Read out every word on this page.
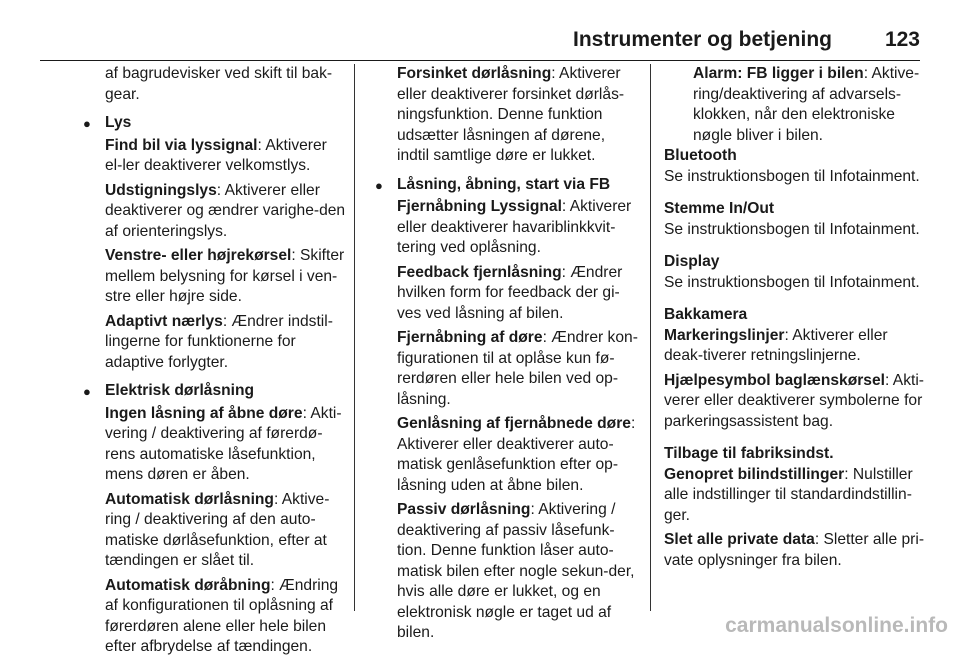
Instrumenter og betjening	123

af bagrudevisker ved skift til bak-gear.

● Lys

Find bil via lyssignal: Aktiverer el-ler deaktiverer velkomstlys.

Udstigningslys: Aktiverer eller deaktiverer og ændrer varighe-den af orienteringslys.

Venstre- eller højrekørsel: Skifter mellem belysning for kørsel i ven-stre eller højre side.

Adaptivt nærlys: Ændrer indstil-lingerne for funktionerne for adaptive forlygter.

● Elektrisk dørlåsning

Ingen låsning af åbne døre: Akti-vering / deaktivering af førerdø-rens automatiske låsefunktion, mens døren er åben.

Automatisk dørlåsning: Aktive-ring / deaktivering af den auto-matiske dørlåsefunktion, efter at tændingen er slået til.

Automatisk døråbning: Ændring af konfigurationen til oplåsning af førerdøren alene eller hele bilen efter afbrydelse af tændingen.

Forsinket dørlåsning: Aktiverer eller deaktiverer forsinket dørlås-ningsfunktion. Denne funktion udsætter låsningen af dørene, indtil samtlige døre er lukket.

● Låsning, åbning, start via FB

Fjernåbning Lyssignal: Aktiverer eller deaktiverer havariblinkkvit-tering ved oplåsning.

Feedback fjernlåsning: Ændrer hvilken form for feedback der gi-ves ved låsning af bilen.

Fjernåbning af døre: Ændrer kon-figurationen til at oplåse kun fø-rerdøren eller hele bilen ved op-låsning.

Genlåsning af fjernåbnede døre: Aktiverer eller deaktiverer auto-matisk genlåsefunktion efter op-låsning uden at åbne bilen.

Passiv dørlåsning: Aktivering / deaktivering af passiv låsefunk-tion. Denne funktion låser auto-matisk bilen efter nogle sekun-der, hvis alle døre er lukket, og en elektronisk nøgle er taget ud af bilen.

Alarm: FB ligger i bilen: Aktive-ring/deaktivering af advarsels-klokken, når den elektroniske nøgle bliver i bilen.

Bluetooth

Se instruktionsbogen til Infotainment.

Stemme In/Out

Se instruktionsbogen til Infotainment.

Display

Se instruktionsbogen til Infotainment.

Bakkamera

Markeringslinjer: Aktiverer eller deak-tiverer retningslinjerne.

Hjælpesymbol baglænskørsel: Akti-verer eller deaktiverer symbolerne for parkeringsassistent bag.

Tilbage til fabriksindst.

Genopret bilindstillinger: Nulstiller alle indstillinger til standardindstillin-ger.

Slet alle private data: Sletter alle pri-vate oplysninger fra bilen.

carmanualsonline.info
